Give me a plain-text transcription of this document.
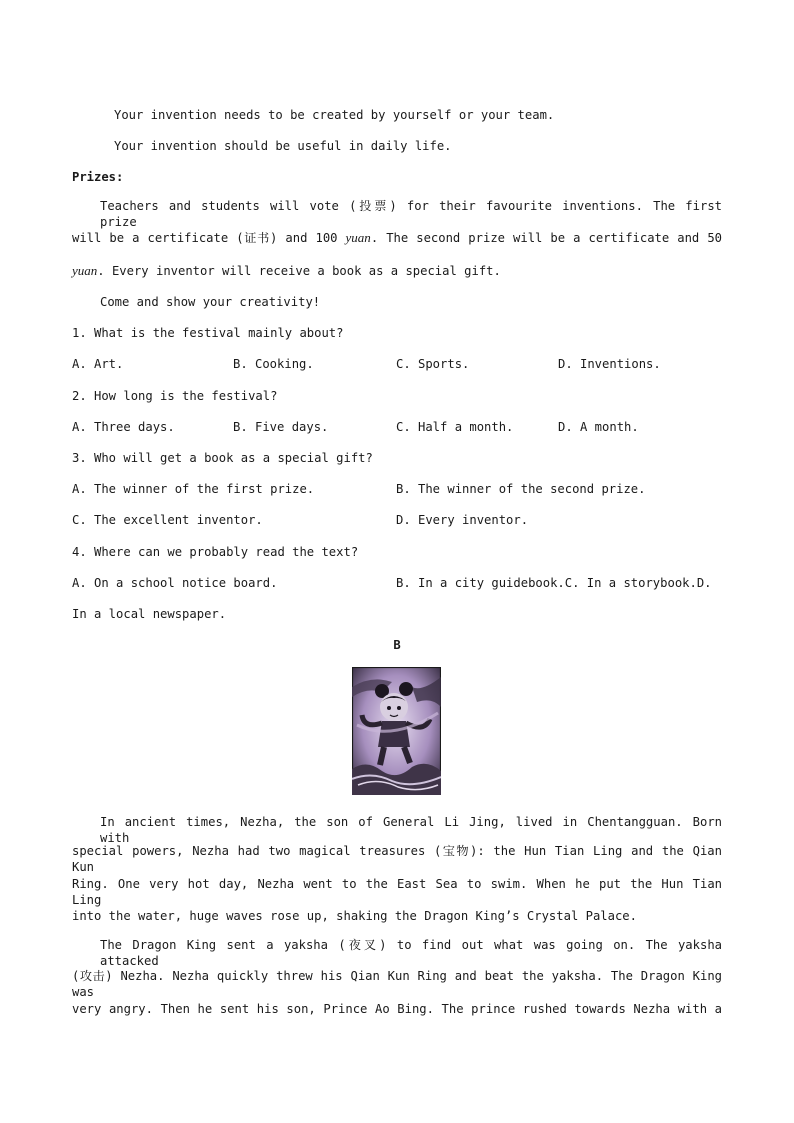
Your invention needs to be created by yourself or your team.
Your invention should be useful in daily life.
Prizes:
Teachers and students will vote (投票) for their favourite inventions. The first prize
will be a certificate (证书) and 100 yuan. The second prize will be a certificate and 50
yuan. Every inventor will receive a book as a special gift.
Come and show your creativity!
1. What is the festival mainly about?
A. Art.	B. Cooking.	C. Sports.	D. Inventions.
2. How long is the festival?
A. Three days.	B. Five days.	C. Half a month.	D. A month.
3. Who will get a book as a special gift?
A. The winner of the first prize.	B. The winner of the second prize.
C. The excellent inventor.	D. Every inventor.
4. Where can we probably read the text?
A. On a school notice board.	B. In a city guidebook.C. In a storybook.D.
In a local newspaper.
B
In ancient times, Nezha, the son of General Li Jing, lived in Chentangguan. Born with
special powers, Nezha had two magical treasures (宝物): the Hun Tian Ling and the Qian Kun
Ring. One very hot day, Nezha went to the East Sea to swim. When he put the Hun Tian Ling
into the water, huge waves rose up, shaking the Dragon King’s Crystal Palace.
The Dragon King sent a yaksha (夜叉) to find out what was going on. The yaksha attacked
(攻击) Nezha. Nezha quickly threw his Qian Kun Ring and beat the yaksha. The Dragon King was
very angry. Then he sent his son, Prince Ao Bing. The prince rushed towards Nezha with a
